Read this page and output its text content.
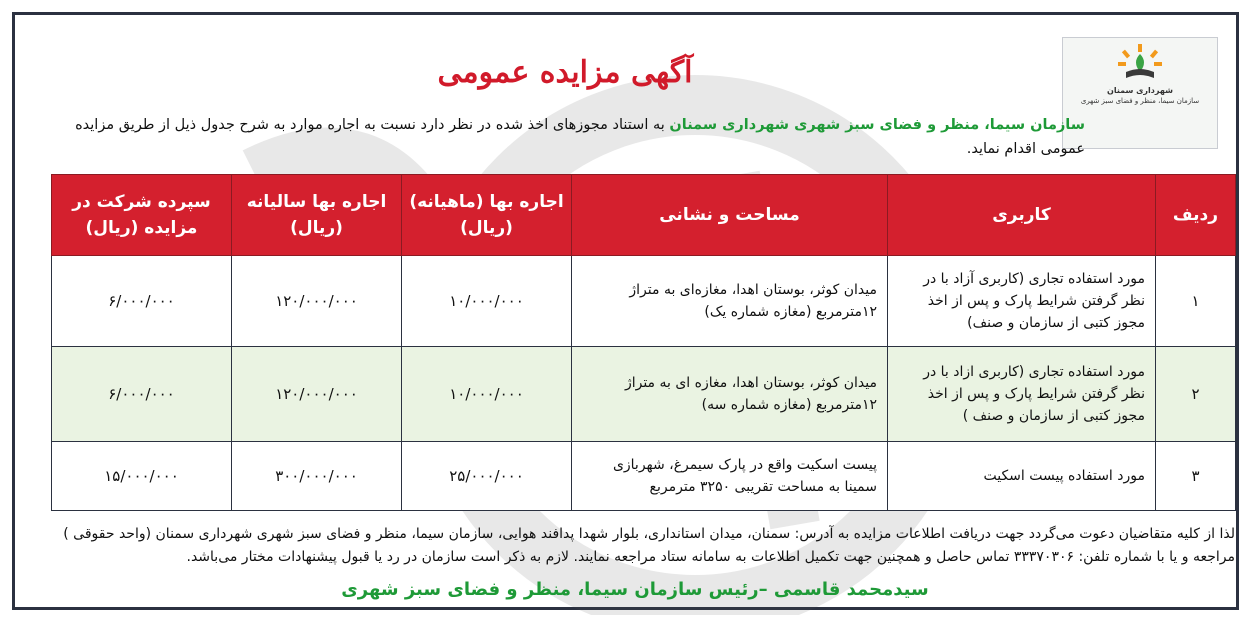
شهرداری سمنان
سازمان سیما، منظر و فضای سبز شهری
آگهی مزایده عمومی
سازمان سیما، منظر و فضای سبز شهری شهرداری سمنان به استناد مجوزهای اخذ شده در نظر دارد نسبت به اجاره موارد به شرح جدول ذیل از طریق مزایده عمومی اقدام نماید.
ردیف	کاربری	مساحت و نشانی	اجاره بها (ماهیانه) (ریال)	اجاره بها سالیانه (ریال)	سپرده شرکت در مزایده (ریال)
۱	مورد استفاده تجاری (کاربری آزاد با در نظر گرفتن شرایط پارک و پس از اخذ مجوز کتبی از سازمان و صنف)	میدان کوثر، بوستان اهدا، مغازه‌ای به متراژ ۱۲مترمربع (مغازه شماره یک)	۱۰/۰۰۰/۰۰۰	۱۲۰/۰۰۰/۰۰۰	۶/۰۰۰/۰۰۰
۲	مورد استفاده تجاری (کاربری ازاد با در نظر گرفتن شرایط پارک و پس از اخذ مجوز کتبی از سازمان و صنف )	میدان کوثر، بوستان اهدا، مغازه ای به متراژ ۱۲مترمربع (مغازه شماره سه)	۱۰/۰۰۰/۰۰۰	۱۲۰/۰۰۰/۰۰۰	۶/۰۰۰/۰۰۰
۳	مورد استفاده پیست اسکیت	پیست اسکیت واقع در پارک سیمرغ، شهربازی سمینا به مساحت تقریبی ۳۲۵۰ مترمربع	۲۵/۰۰۰/۰۰۰	۳۰۰/۰۰۰/۰۰۰	۱۵/۰۰۰/۰۰۰
لذا از کلیه متقاضیان دعوت می‌گردد جهت دریافت اطلاعات مزایده به آدرس: سمنان، میدان استانداری، بلوار شهدا پدافند هوایی، سازمان سیما، منظر و فضای سبز شهری شهرداری سمنان (واحد حقوقی ) مراجعه و یا با شماره تلفن: ۳۳۳۷۰۳۰۶ تماس حاصل و همچنین جهت تکمیل اطلاعات به سامانه ستاد مراجعه نمایند. لازم به ذکر است سازمان در رد یا قبول پیشنهادات مختار می‌باشد.
سیدمحمد قاسمی –رئیس سازمان سیما، منظر و فضای سبز شهری
